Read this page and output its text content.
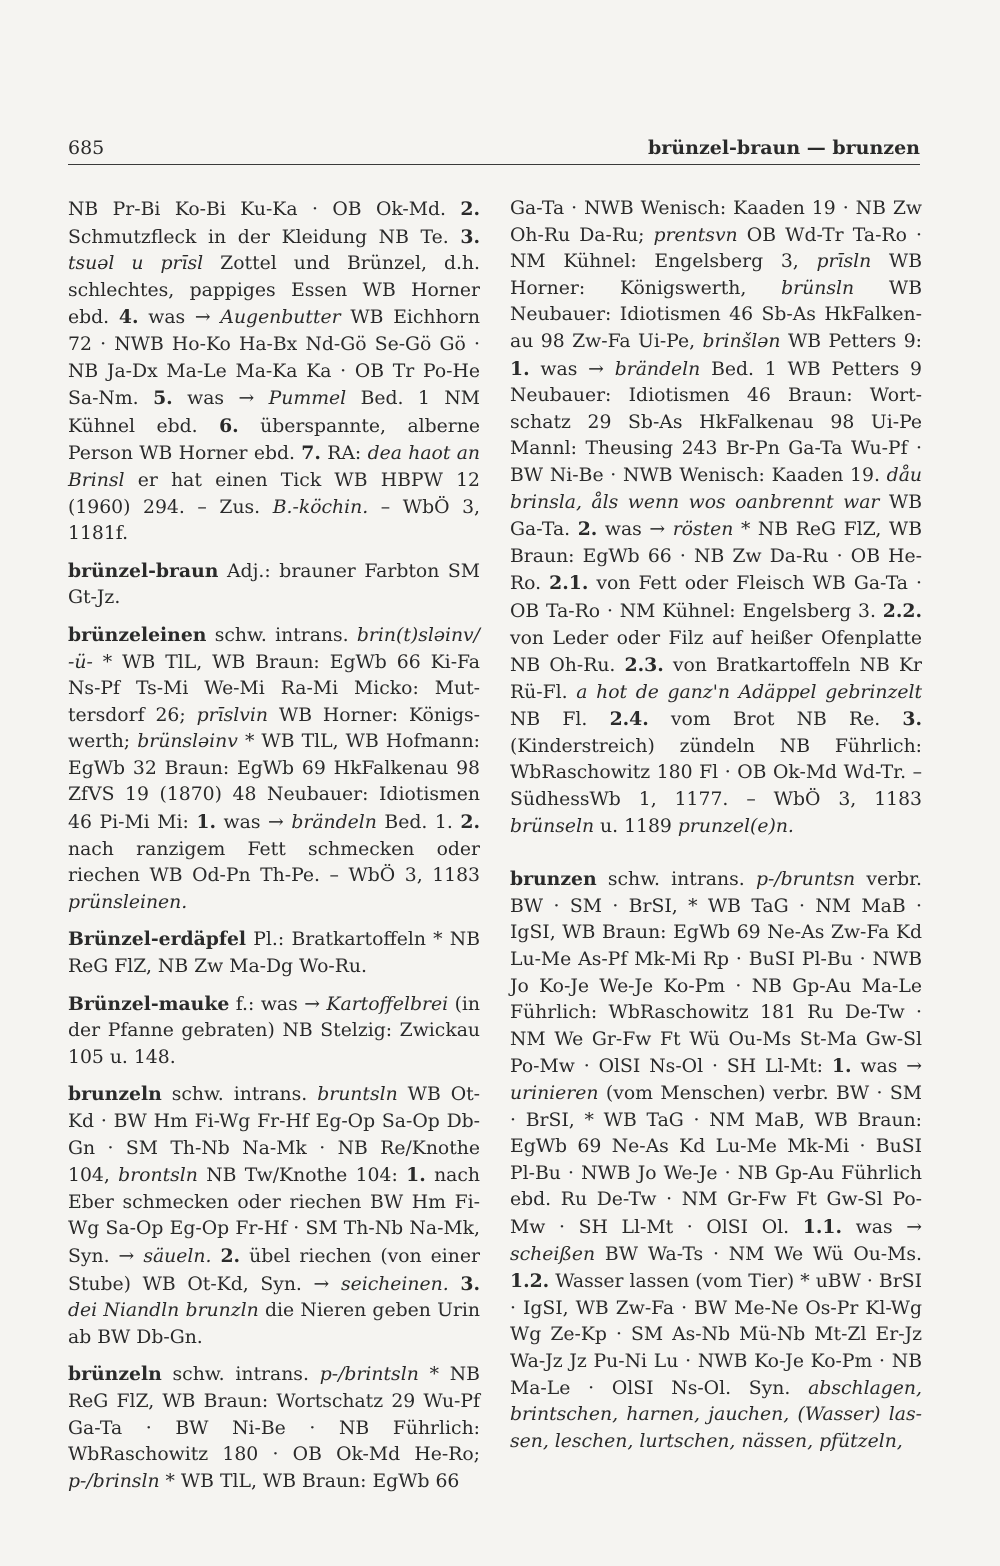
685	brünzel-braun — brunzen

NB Pr-Bi Ko-Bi Ku-Ka · OB Ok-Md. 2. Schmutzfleck in der Kleidung NB Te. 3. tsuəl u prīsl Zottel und Brünzel, d.h. schlechtes, pappiges Essen WB Horner ebd. 4. was → Augenbutter WB Eichhorn 72 · NWB Ho-Ko Ha-Bx Nd-Gö Se-Gö Gö · NB Ja-Dx Ma-Le Ma-Ka Ka · OB Tr Po-He Sa-Nm. 5. was → Pummel Bed. 1 NM Kühnel ebd. 6. überspannte, alberne Person WB Horner ebd. 7. RA: dea haot an Brinsl er hat einen Tick WB HBPW 12 (1960) 294. – Zus. B.-köchin. – WbÖ 3, 1181f.

brünzel-braun Adj.: brauner Farbton SM Gt-Jz.

brünzeleinen schw. intrans. brin(t)sləinv/ -ü- * WB TlL, WB Braun: EgWb 66 Ki-Fa Ns-Pf Ts-Mi We-Mi Ra-Mi Micko: Muttersdorf 26; prīslvin WB Horner: Königswerth; brünsləinv * WB TlL, WB Hofmann: EgWb 32 Braun: EgWb 69 HkFalkenau 98 ZfVS 19 (1870) 48 Neubauer: Idiotismen 46 Pi-Mi Mi: 1. was → brändeln Bed. 1. 2. nach ranzigem Fett schmecken oder riechen WB Od-Pn Th-Pe. – WbÖ 3, 1183 prünsleinen.

Brünzel-erdäpfel Pl.: Bratkartoffeln * NB ReG FlZ, NB Zw Ma-Dg Wo-Ru.

Brünzel-mauke f.: was → Kartoffelbrei (in der Pfanne gebraten) NB Stelzig: Zwickau 105 u. 148.

brunzeln schw. intrans. bruntsln WB Ot-Kd · BW Hm Fi-Wg Fr-Hf Eg-Op Sa-Op Db-Gn · SM Th-Nb Na-Mk · NB Re/Knothe 104, brontsln NB Tw/Knothe 104: 1. nach Eber schmecken oder riechen BW Hm Fi-Wg Sa-Op Eg-Op Fr-Hf · SM Th-Nb Na-Mk, Syn. → säueln. 2. übel riechen (von einer Stube) WB Ot-Kd, Syn. → seicheinen. 3. dei Niandln brunzln die Nieren geben Urin ab BW Db-Gn.

brünzeln schw. intrans. p-/brintsln * NB ReG FlZ, WB Braun: Wortschatz 29 Wu-Pf Ga-Ta · BW Ni-Be · NB Führlich: WbRaschowitz 180 · OB Ok-Md He-Ro; p-/brinsln * WB TlL, WB Braun: EgWb 66

Ga-Ta · NWB Wenisch: Kaaden 19 · NB Zw Oh-Ru Da-Ru; prentsvn OB Wd-Tr Ta-Ro · NM Kühnel: Engelsberg 3, prīsln WB Horner: Königswerth, brünsln WB Neubauer: Idiotismen 46 Sb-As HkFalkenau 98 Zw-Fa Ui-Pe, brinšlən WB Petters 9: 1. was → brändeln Bed. 1 WB Petters 9 Neubauer: Idiotismen 46 Braun: Wortschatz 29 Sb-As HkFalkenau 98 Ui-Pe Mannl: Theusing 243 Br-Pn Ga-Ta Wu-Pf · BW Ni-Be · NWB Wenisch: Kaaden 19. dåu brinsla, åls wenn wos oanbrennt war WB Ga-Ta. 2. was → rösten * NB ReG FlZ, WB Braun: EgWb 66 · NB Zw Da-Ru · OB He-Ro. 2.1. von Fett oder Fleisch WB Ga-Ta · OB Ta-Ro · NM Kühnel: Engelsberg 3. 2.2. von Leder oder Filz auf heißer Ofenplatte NB Oh-Ru. 2.3. von Bratkartoffeln NB Kr Rü-Fl. a hot de ganz'n Adäppel gebrinzelt NB Fl. 2.4. vom Brot NB Re. 3. (Kinderstreich) zündeln NB Führlich: WbRaschowitz 180 Fl · OB Ok-Md Wd-Tr. – SüdhessWb 1, 1177. – WbÖ 3, 1183 brünseln u. 1189 prunzel(e)n.

brunzen schw. intrans. p-/bruntsn verbr. BW · SM · BrSI, * WB TaG · NM MaB · IgSI, WB Braun: EgWb 69 Ne-As Zw-Fa Kd Lu-Me As-Pf Mk-Mi Rp · BuSI Pl-Bu · NWB Jo Ko-Je We-Je Ko-Pm · NB Gp-Au Ma-Le Führlich: WbRaschowitz 181 Ru De-Tw · NM We Gr-Fw Ft Wü Ou-Ms St-Ma Gw-Sl Po-Mw · OlSI Ns-Ol · SH Ll-Mt: 1. was → urinieren (vom Menschen) verbr. BW · SM · BrSI, * WB TaG · NM MaB, WB Braun: EgWb 69 Ne-As Kd Lu-Me Mk-Mi · BuSI Pl-Bu · NWB Jo We-Je · NB Gp-Au Führlich ebd. Ru De-Tw · NM Gr-Fw Ft Gw-Sl Po-Mw · SH Ll-Mt · OlSI Ol. 1.1. was → scheißen BW Wa-Ts · NM We Wü Ou-Ms. 1.2. Wasser lassen (vom Tier) * uBW · BrSI · IgSI, WB Zw-Fa · BW Me-Ne Os-Pr Kl-Wg Wg Ze-Kp · SM As-Nb Mü-Nb Mt-Zl Er-Jz Wa-Jz Jz Pu-Ni Lu · NWB Ko-Je Ko-Pm · NB Ma-Le · OlSI Ns-Ol. Syn. abschlagen, brintschen, harnen, jauchen, (Wasser) lassen, leschen, lurtschen, nässen, pfützeln,
